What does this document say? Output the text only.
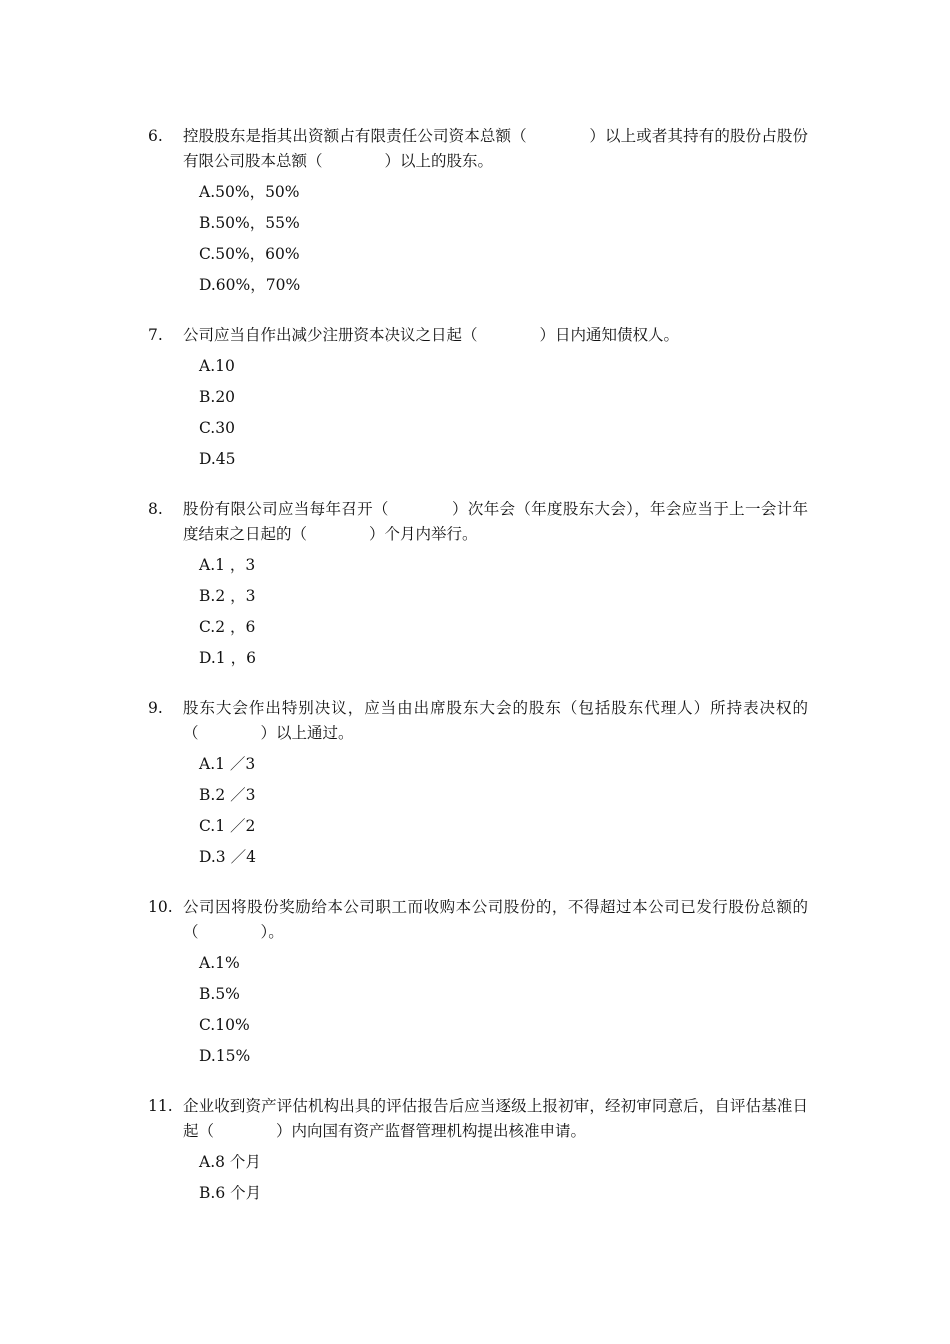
6.	控股股东是指其出资额占有限责任公司资本总额（　　　　）以上或者其持有的股份占股份有限公司股本总额（　　　　）以上的股东。
A.50%，50%
B.50%，55%
C.50%，60%
D.60%，70%
7.	公司应当自作出减少注册资本决议之日起（　　　　）日内通知债权人。
A.10
B.20
C.30
D.45
8.	股份有限公司应当每年召开（　　　　）次年会（年度股东大会），年会应当于上一会计年度结束之日起的（　　　　）个月内举行。
A.1 ，3
B.2 ，3
C.2 ，6
D.1 ，6
9.	股东大会作出特别决议，应当由出席股东大会的股东（包括股东代理人）所持表决权的（　　　　）以上通过。
A.1 ／3
B.2 ／3
C.1 ／2
D.3 ／4
10. 公司因将股份奖励给本公司职工而收购本公司股份的，不得超过本公司已发行股份总额的（　　　　）。
A.1%
B.5%
C.10%
D.15%
11. 企业收到资产评估机构出具的评估报告后应当逐级上报初审，经初审同意后，自评估基准日起（　　　　）内向国有资产监督管理机构提出核准申请。
A.8 个月
B.6 个月
